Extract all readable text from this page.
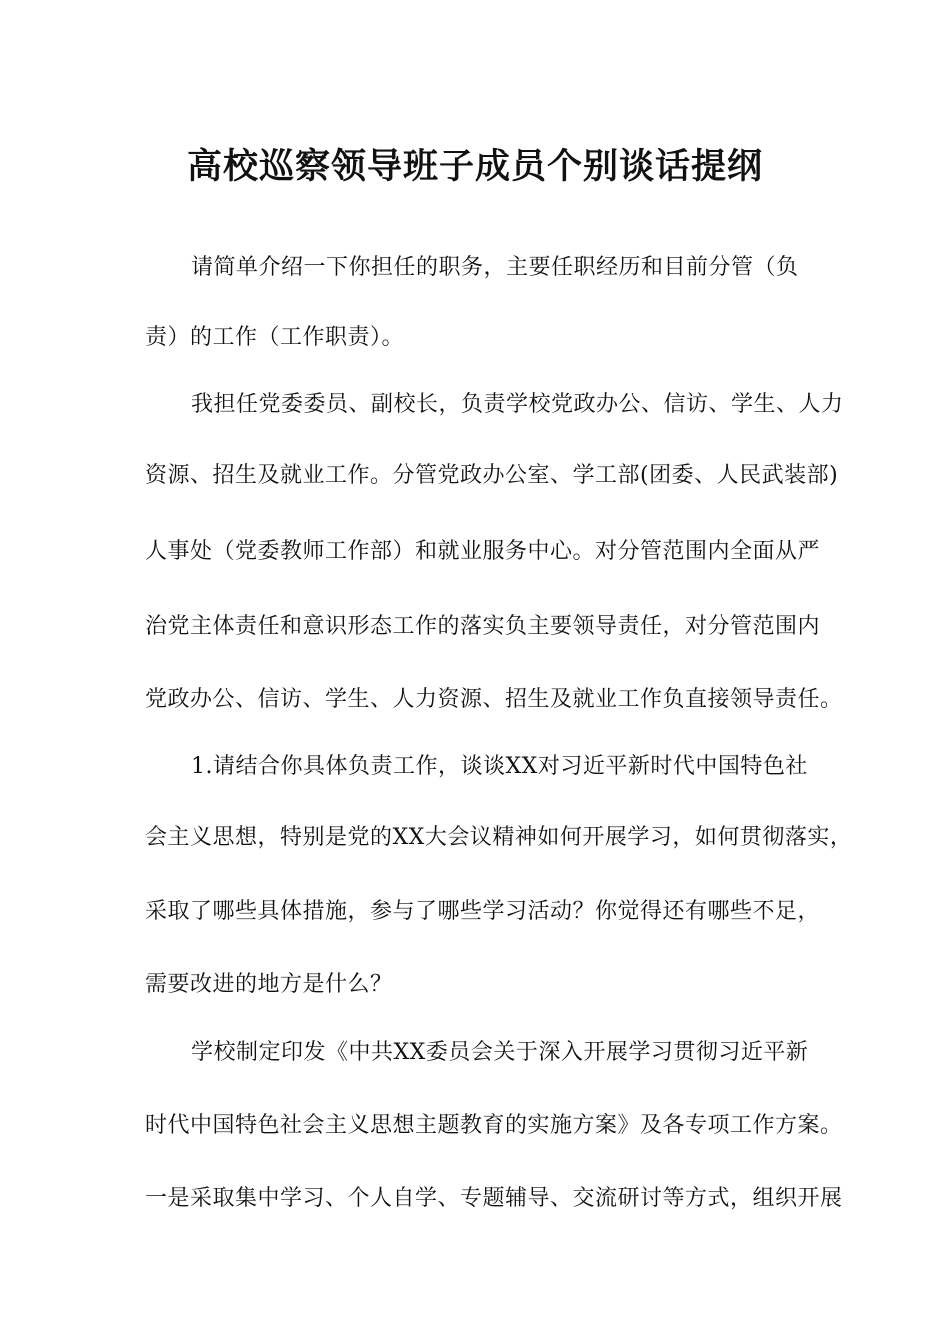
高校巡察领导班子成员个别谈话提纲
请简单介绍一下你担任的职务，主要任职经历和目前分管（负
责）的工作（工作职责）。
我担任党委委员、副校长，负责学校党政办公、信访、学生、人力
资源、招生及就业工作。分管党政办公室、学工部(团委、人民武装部)
人事处（党委教师工作部）和就业服务中心。对分管范围内全面从严
治党主体责任和意识形态工作的落实负主要领导责任，对分管范围内
党政办公、信访、学生、人力资源、招生及就业工作负直接领导责任。
1.请结合你具体负责工作，谈谈XX对习近平新时代中国特色社
会主义思想，特别是党的XX大会议精神如何开展学习，如何贯彻落实，
采取了哪些具体措施，参与了哪些学习活动？你觉得还有哪些不足，
需要改进的地方是什么？
学校制定印发《中共XX委员会关于深入开展学习贯彻习近平新
时代中国特色社会主义思想主题教育的实施方案》及各专项工作方案。
一是采取集中学习、个人自学、专题辅导、交流研讨等方式，组织开展
